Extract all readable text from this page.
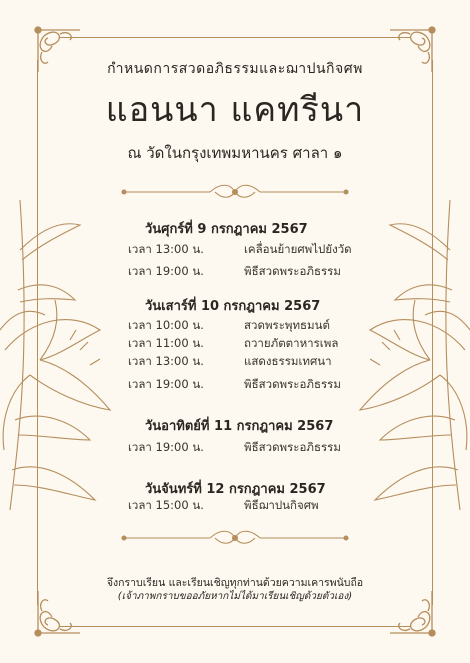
กำหนดการสวดอภิธรรมและฌาปนกิจศพ
แอนนา แคทรีนา
ณ วัดในกรุงเทพมหานคร ศาลา ๑
วันศุกร์ที่ 9 กรกฎาคม 2567
เวลา 13:00 น.	เคลื่อนย้ายศพไปยังวัด
เวลา 19:00 น.	พิธีสวดพระอภิธรรม
วันเสาร์ที่ 10 กรกฎาคม 2567
เวลา 10:00 น.	สวดพระพุทธมนต์
เวลา 11:00 น.	ถวายภัตตาหารเพล
เวลา 13:00 น.	แสดงธรรมเทศนา
เวลา 19:00 น.	พิธีสวดพระอภิธรรม
วันอาทิตย์ที่ 11 กรกฎาคม 2567
เวลา 19:00 น.	พิธีสวดพระอภิธรรม
วันจันทร์ที่ 12 กรกฎาคม 2567
เวลา 15:00 น.	พิธีฌาปนกิจศพ
จึงกราบเรียน และเรียนเชิญทุกท่านด้วยความเคารพนับถือ
(เจ้าภาพกราบขออภัยหากไม่ได้มาเรียนเชิญด้วยตัวเอง)
